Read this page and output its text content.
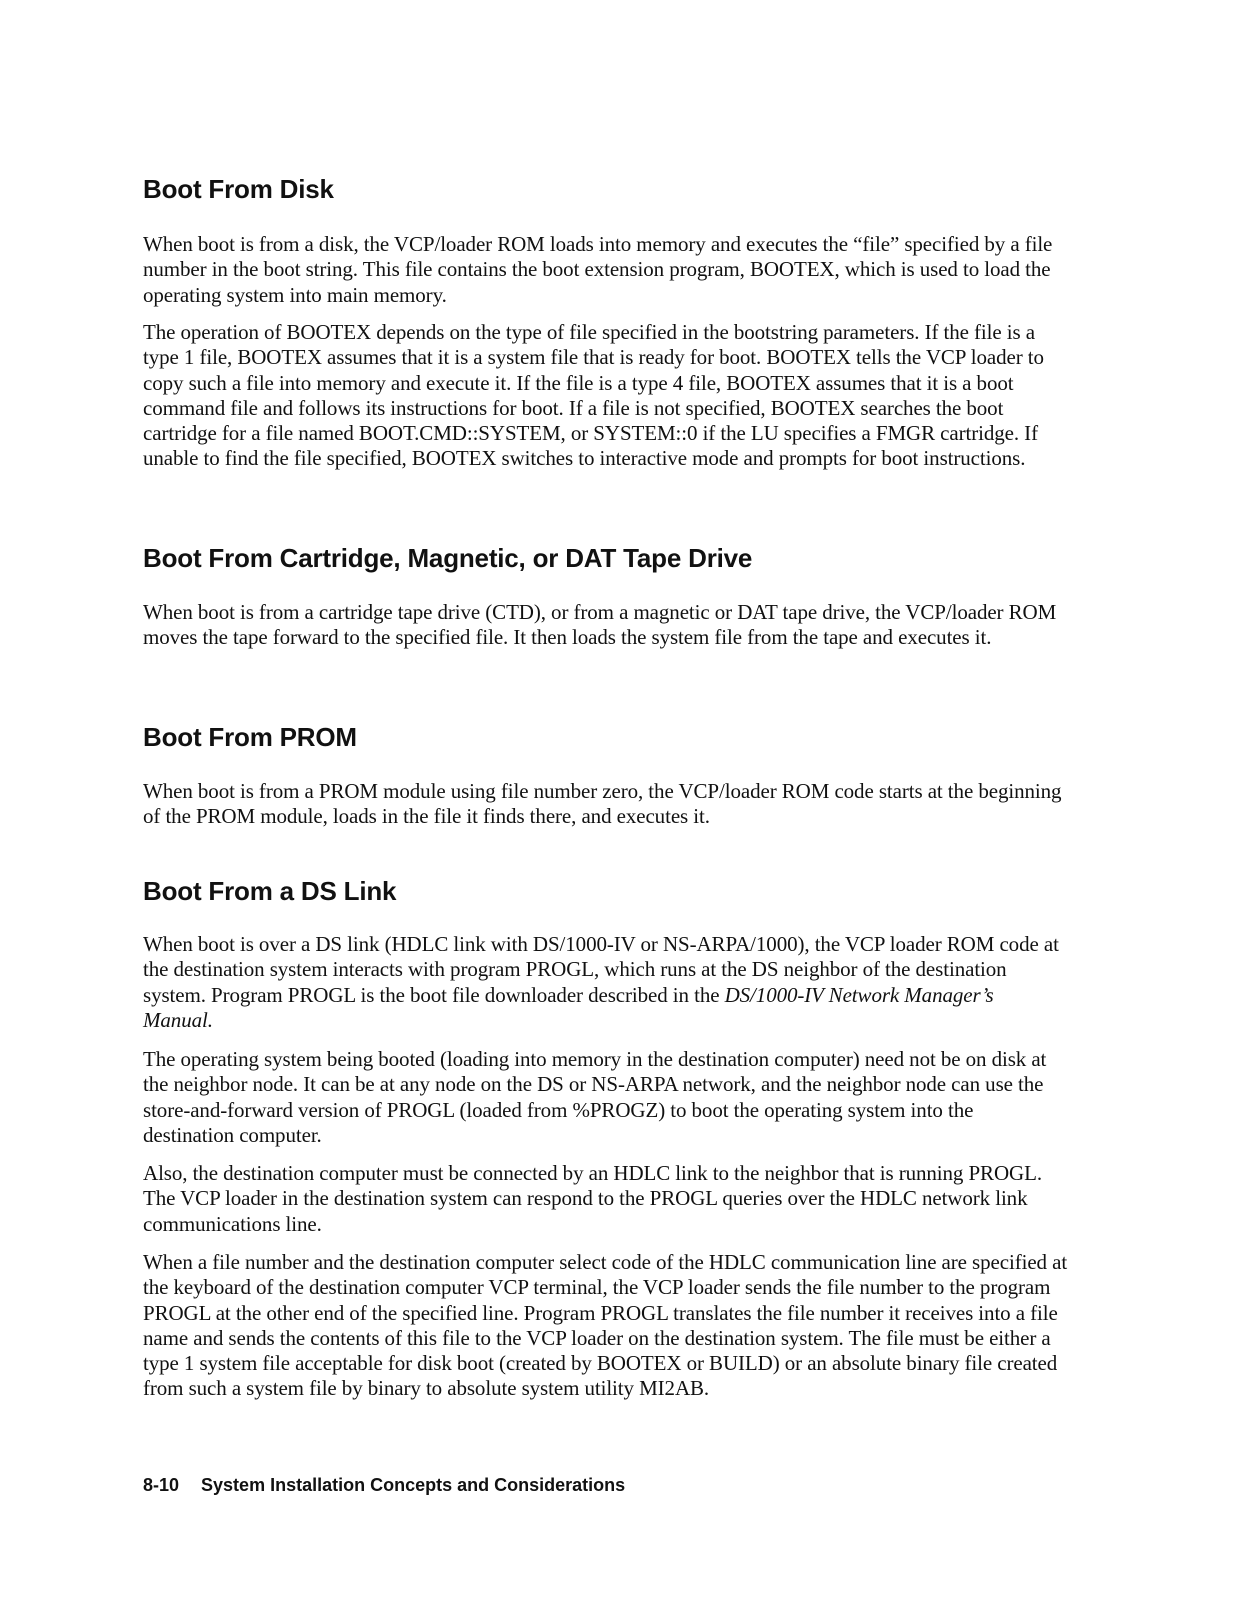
Boot From Disk

When boot is from a disk, the VCP/loader ROM loads into memory and executes the “file” specified by a file number in the boot string. This file contains the boot extension program, BOOTEX, which is used to load the operating system into main memory.

The operation of BOOTEX depends on the type of file specified in the bootstring parameters. If the file is a type 1 file, BOOTEX assumes that it is a system file that is ready for boot. BOOTEX tells the VCP loader to copy such a file into memory and execute it. If the file is a type 4 file, BOOTEX assumes that it is a boot command file and follows its instructions for boot. If a file is not specified, BOOTEX searches the boot cartridge for a file named BOOT.CMD::SYSTEM, or SYSTEM::0 if the LU specifies a FMGR cartridge. If unable to find the file specified, BOOTEX switches to interactive mode and prompts for boot instructions.

Boot From Cartridge, Magnetic, or DAT Tape Drive

When boot is from a cartridge tape drive (CTD), or from a magnetic or DAT tape drive, the VCP/loader ROM moves the tape forward to the specified file. It then loads the system file from the tape and executes it.

Boot From PROM

When boot is from a PROM module using file number zero, the VCP/loader ROM code starts at the beginning of the PROM module, loads in the file it finds there, and executes it.

Boot From a DS Link

When boot is over a DS link (HDLC link with DS/1000-IV or NS-ARPA/1000), the VCP loader ROM code at the destination system interacts with program PROGL, which runs at the DS neighbor of the destination system. Program PROGL is the boot file downloader described in the DS/1000-IV Network Manager’s Manual.

The operating system being booted (loading into memory in the destination computer) need not be on disk at the neighbor node. It can be at any node on the DS or NS-ARPA network, and the neighbor node can use the store-and-forward version of PROGL (loaded from %PROGZ) to boot the operating system into the destination computer.

Also, the destination computer must be connected by an HDLC link to the neighbor that is running PROGL. The VCP loader in the destination system can respond to the PROGL queries over the HDLC network link communications line.

When a file number and the destination computer select code of the HDLC communication line are specified at the keyboard of the destination computer VCP terminal, the VCP loader sends the file number to the program PROGL at the other end of the specified line. Program PROGL translates the file number it receives into a file name and sends the contents of this file to the VCP loader on the destination system. The file must be either a type 1 system file acceptable for disk boot (created by BOOTEX or BUILD) or an absolute binary file created from such a system file by binary to absolute system utility MI2AB.

8-10 System Installation Concepts and Considerations
